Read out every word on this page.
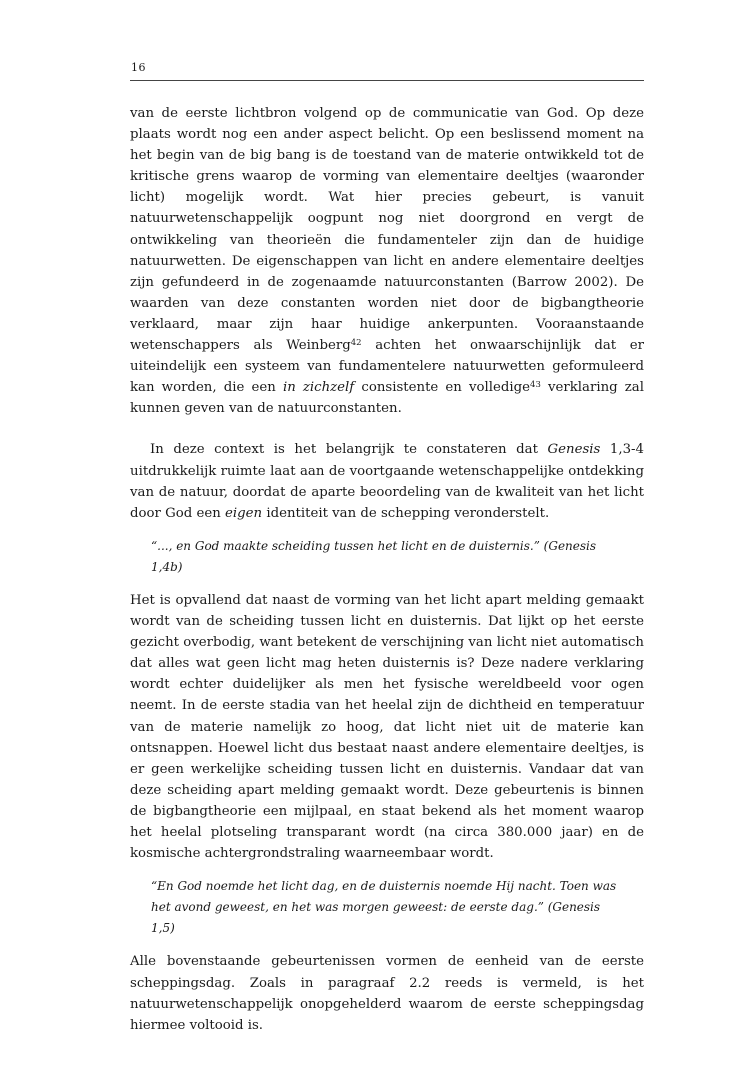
16

van de eerste lichtbron volgend op de communicatie van God. Op deze plaats wordt nog een ander aspect belicht. Op een beslissend moment na het begin van de big bang is de toestand van de materie ontwikkeld tot de kritische grens waarop de vorming van elementaire deeltjes (waaronder licht) mogelijk wordt. Wat hier precies gebeurt, is vanuit natuurwetenschappelijk oogpunt nog niet doorgrond en vergt de ontwikkeling van theorieën die fundamenteler zijn dan de huidige natuurwetten. De eigenschappen van licht en andere elementaire deeltjes zijn gefundeerd in de zogenaamde natuurconstanten (Barrow 2002). De waarden van deze constanten worden niet door de bigbangtheorie verklaard, maar zijn haar huidige ankerpunten. Vooraanstaande wetenschappers als Weinberg$^{42}$ achten het onwaarschijnlijk dat er uiteindelijk een systeem van fundamentelere natuurwetten geformuleerd kan worden, die een in zichzelf consistente en volledige$^{43}$ verklaring zal kunnen geven van de natuurconstanten.

In deze context is het belangrijk te constateren dat Genesis 1,3-4 uitdrukkelijk ruimte laat aan de voortgaande wetenschappelijke ontdekking van de natuur, doordat de aparte beoordeling van de kwaliteit van het licht door God een eigen identiteit van de schepping veronderstelt.

“..., en God maakte scheiding tussen het licht en de duisternis.” (Genesis 1,4b)

Het is opvallend dat naast de vorming van het licht apart melding gemaakt wordt van de scheiding tussen licht en duisternis. Dat lijkt op het eerste gezicht overbodig, want betekent de verschijning van licht niet automatisch dat alles wat geen licht mag heten duisternis is? Deze nadere verklaring wordt echter duidelijker als men het fysische wereldbeeld voor ogen neemt. In de eerste stadia van het heelal zijn de dichtheid en temperatuur van de materie namelijk zo hoog, dat licht niet uit de materie kan ontsnappen. Hoewel licht dus bestaat naast andere elementaire deeltjes, is er geen werkelijke scheiding tussen licht en duisternis. Vandaar dat van deze scheiding apart melding gemaakt wordt. Deze gebeurtenis is binnen de bigbangtheorie een mijlpaal, en staat bekend als het moment waarop het heelal plotseling transparant wordt (na circa 380.000 jaar) en de kosmische achtergrondstraling waarneembaar wordt.

“En God noemde het licht dag, en de duisternis noemde Hij nacht. Toen was het avond geweest, en het was morgen geweest: de eerste dag.” (Genesis 1,5)

Alle bovenstaande gebeurtenissen vormen de eenheid van de eerste scheppingsdag. Zoals in paragraaf 2.2 reeds is vermeld, is het natuurwetenschappelijk onopgehelderd waarom de eerste scheppingsdag hiermee voltooid is.
